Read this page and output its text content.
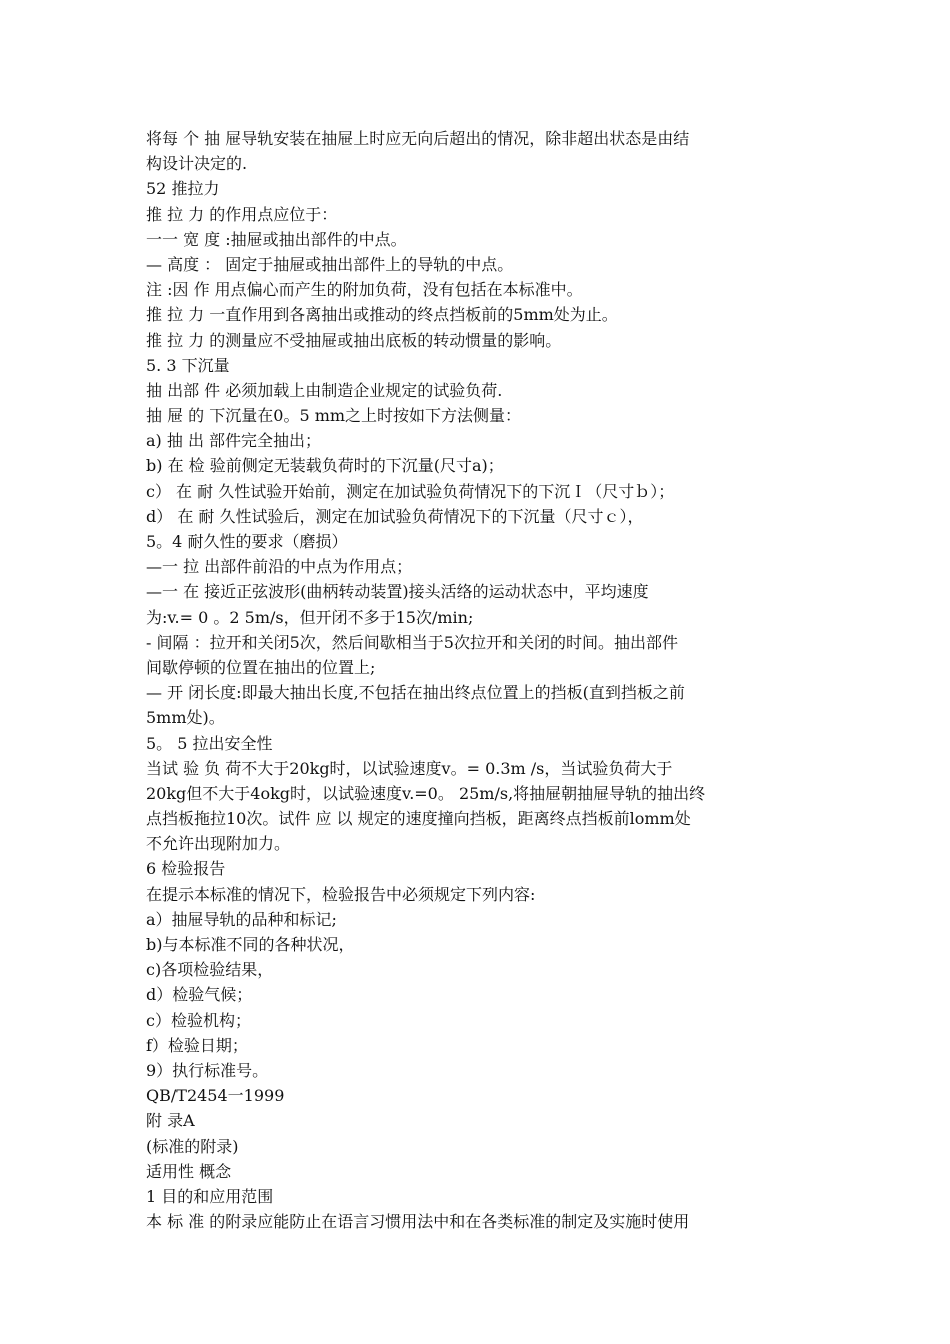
将每 个 抽 屉导轨安装在抽屉上时应无向后超出的情况，除非超出状态是由结
构设计决定的.
52 推拉力
推 拉 力 的作用点应位于：
一一 宽 度 :抽屉或抽出部件的中点。
— 高度 ： 固定于抽屉或抽出部件上的导轨的中点。
注 :因 作 用点偏心而产生的附加负荷，没有包括在本标准中。
推 拉 力 一直作用到各离抽出或推动的终点挡板前的5mm处为止。
推 拉 力 的测量应不受抽屉或抽出底板的转动惯量的影响。
5. 3 下沉量
抽 出部 件 必须加载上由制造企业规定的试验负荷.
抽 屉 的 下沉量在0。5 mm之上时按如下方法侧量：
a) 抽 出 部件完全抽出；
b) 在 检 验前侧定无装载负荷时的下沉量(尺寸a)；
c） 在 耐 久性试验开始前，测定在加试验负荷情况下的下沉Ｉ（尺寸ｂ）；
d） 在 耐 久性试验后，测定在加试验负荷情况下的下沉量（尺寸ｃ），
5。4 耐久性的要求（磨损）
—一 拉 出部件前沿的中点为作用点；
—一 在 接近正弦波形(曲柄转动装置)接头活络的运动状态中，平均速度
为:v.= 0 。2 5m/s，但开闭不多于15次/min;
- 间隔 ：拉开和关闭5次，然后间歇相当于5次拉开和关闭的时间。抽出部件
间歇停顿的位置在抽出的位置上;
— 开 闭长度:即最大抽出长度,不包括在抽出终点位置上的挡板(直到挡板之前
5mm处)。
5。 5 拉出安全性
当试 验 负 荷不大于20kg时，以试验速度v。= 0.3m /s，当试验负荷大于
20kg但不大于4okg时，以试验速度v.=0。 25m/s,将抽屉朝抽屉导轨的抽出终
点挡板拖拉10次。试件 应 以 规定的速度撞向挡板，距离终点挡板前lomm处
不允许出现附加力。
6 检验报告
在提示本标准的情况下，检验报告中必须规定下列内容:
a）抽屉导轨的品种和标记;
b)与本标准不同的各种状况，
c)各项检验结果，
d）检验气候；
c）检验机构；
f）检验日期；
9）执行标准号。
QB/T2454一1999
附 录A
(标准的附录)
适用性 概念
1 目的和应用范围
本 标 准 的附录应能防止在语言习惯用法中和在各类标准的制定及实施时使用
